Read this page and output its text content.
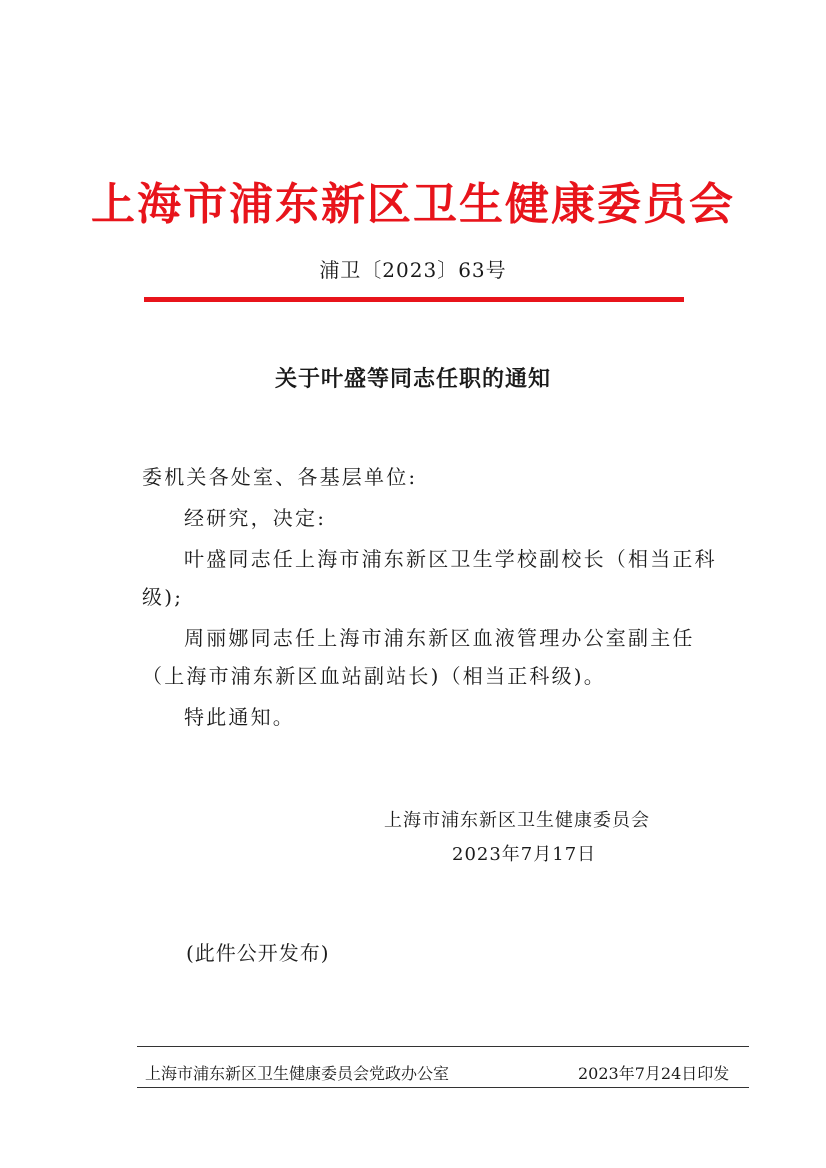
上海市浦东新区卫生健康委员会
浦卫〔2023〕63号
关于叶盛等同志任职的通知
委机关各处室、各基层单位:
经研究，决定:
叶盛同志任上海市浦东新区卫生学校副校长（相当正科
级);
周丽娜同志任上海市浦东新区血液管理办公室副主任
（上海市浦东新区血站副站长)（相当正科级)。
特此通知。
上海市浦东新区卫生健康委员会
2023年7月17日
(此件公开发布)
上海市浦东新区卫生健康委员会党政办公室	2023年7月24日印发
